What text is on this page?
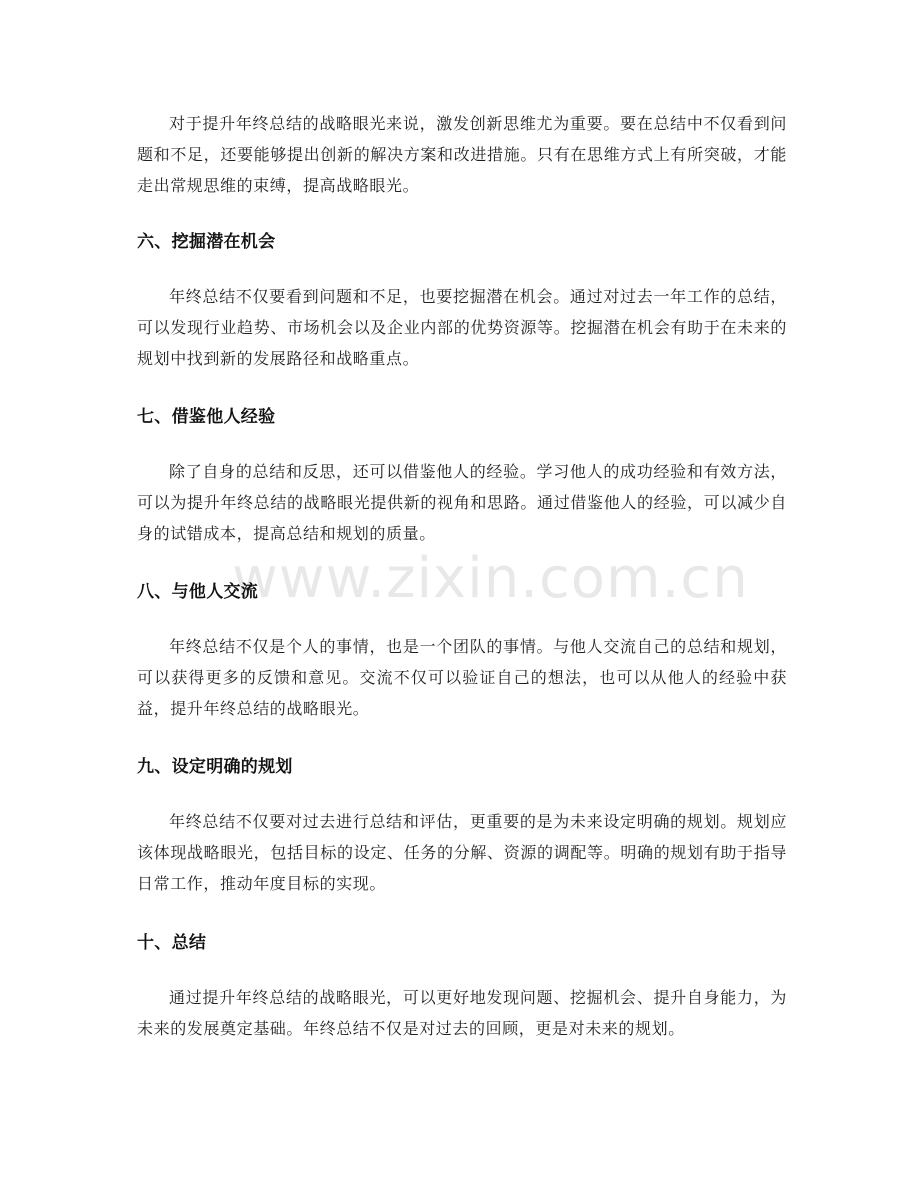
对于提升年终总结的战略眼光来说，激发创新思维尤为重要。要在总结中不仅看到问题和不足，还要能够提出创新的解决方案和改进措施。只有在思维方式上有所突破，才能走出常规思维的束缚，提高战略眼光。

六、挖掘潜在机会

年终总结不仅要看到问题和不足，也要挖掘潜在机会。通过对过去一年工作的总结，可以发现行业趋势、市场机会以及企业内部的优势资源等。挖掘潜在机会有助于在未来的规划中找到新的发展路径和战略重点。

七、借鉴他人经验

除了自身的总结和反思，还可以借鉴他人的经验。学习他人的成功经验和有效方法，可以为提升年终总结的战略眼光提供新的视角和思路。通过借鉴他人的经验，可以减少自身的试错成本，提高总结和规划的质量。

八、与他人交流

年终总结不仅是个人的事情，也是一个团队的事情。与他人交流自己的总结和规划，可以获得更多的反馈和意见。交流不仅可以验证自己的想法，也可以从他人的经验中获益，提升年终总结的战略眼光。

九、设定明确的规划

年终总结不仅要对过去进行总结和评估，更重要的是为未来设定明确的规划。规划应该体现战略眼光，包括目标的设定、任务的分解、资源的调配等。明确的规划有助于指导日常工作，推动年度目标的实现。

十、总结

通过提升年终总结的战略眼光，可以更好地发现问题、挖掘机会、提升自身能力，为未来的发展奠定基础。年终总结不仅是对过去的回顾，更是对未来的规划。

www.zixin.com.cn
